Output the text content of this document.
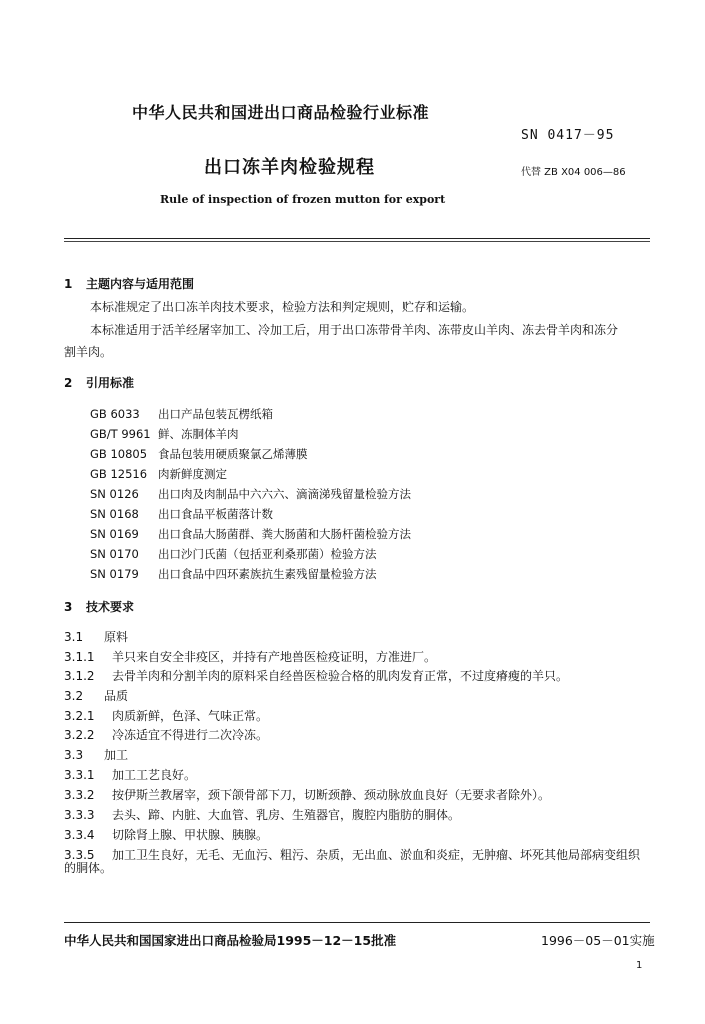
中华人民共和国进出口商品检验行业标准
SN 0417－95
出口冻羊肉检验规程	代替 ZB X04 006—86
Rule of inspection of frozen mutton for export
1 主题内容与适用范围
本标准规定了出口冻羊肉技术要求，检验方法和判定规则，贮存和运输。
本标准适用于活羊经屠宰加工、冷加工后，用于出口冻带骨羊肉、冻带皮山羊肉、冻去骨羊肉和冻分
割羊肉。
2 引用标准
GB 6033 出口产品包装瓦楞纸箱
GB/T 9961 鲜、冻胴体羊肉
GB 10805 食品包装用硬质聚氯乙烯薄膜
GB 12516 肉新鲜度测定
SN 0126 出口肉及肉制品中六六六、滴滴涕残留量检验方法
SN 0168 出口食品平板菌落计数
SN 0169 出口食品大肠菌群、粪大肠菌和大肠杆菌检验方法
SN 0170 出口沙门氏菌（包括亚利桑那菌）检验方法
SN 0179 出口食品中四环素族抗生素残留量检验方法
3 技术要求
3.1 原料
3.1.1 羊只来自安全非疫区，并持有产地兽医检疫证明，方准进厂。
3.1.2 去骨羊肉和分割羊肉的原料采自经兽医检验合格的肌肉发育正常，不过度瘠瘦的羊只。
3.2 品质
3.2.1 肉质新鲜，色泽、气味正常。
3.2.2 冷冻适宜不得进行二次冷冻。
3.3 加工
3.3.1 加工工艺良好。
3.3.2 按伊斯兰教屠宰，颈下颌骨部下刀，切断颈静、颈动脉放血良好（无要求者除外）。
3.3.3 去头、蹄、内脏、大血管、乳房、生殖器官，腹腔内脂肪的胴体。
3.3.4 切除肾上腺、甲状腺、胰腺。
3.3.5 加工卫生良好，无毛、无血污、粗污、杂质，无出血、淤血和炎症，无肿瘤、坏死其他局部病变组织
的胴体。
中华人民共和国国家进出口商品检验局1995－12－15批准	1996－05－01实施
1
